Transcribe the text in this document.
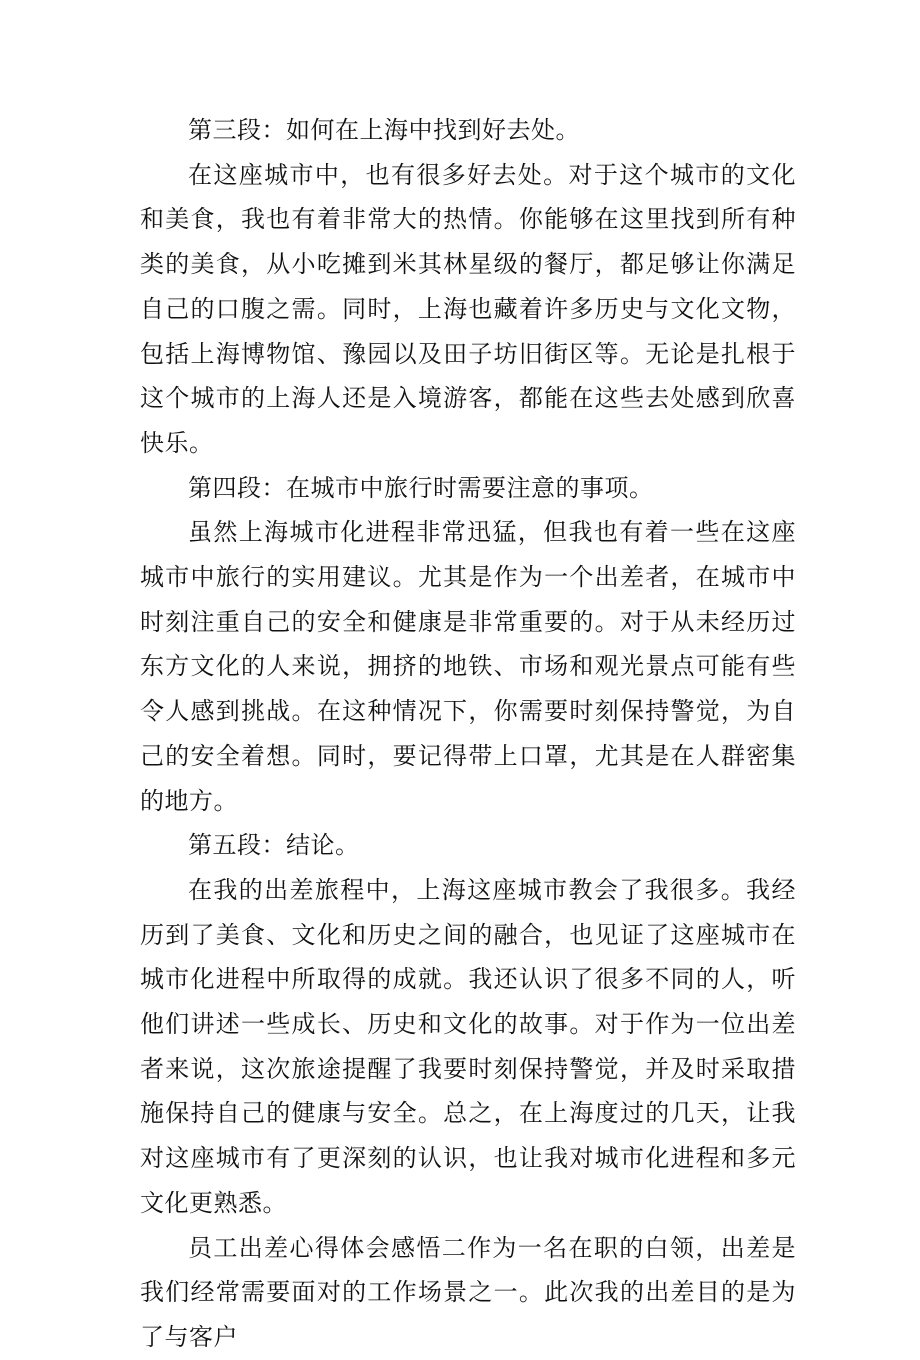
第三段：如何在上海中找到好去处。

在这座城市中，也有很多好去处。对于这个城市的文化和美食，我也有着非常大的热情。你能够在这里找到所有种类的美食，从小吃摊到米其林星级的餐厅，都足够让你满足自己的口腹之需。同时，上海也藏着许多历史与文化文物，包括上海博物馆、豫园以及田子坊旧街区等。无论是扎根于这个城市的上海人还是入境游客，都能在这些去处感到欣喜快乐。

第四段：在城市中旅行时需要注意的事项。

虽然上海城市化进程非常迅猛，但我也有着一些在这座城市中旅行的实用建议。尤其是作为一个出差者，在城市中时刻注重自己的安全和健康是非常重要的。对于从未经历过东方文化的人来说，拥挤的地铁、市场和观光景点可能有些令人感到挑战。在这种情况下，你需要时刻保持警觉，为自己的安全着想。同时，要记得带上口罩，尤其是在人群密集的地方。

第五段：结论。

在我的出差旅程中，上海这座城市教会了我很多。我经历到了美食、文化和历史之间的融合，也见证了这座城市在城市化进程中所取得的成就。我还认识了很多不同的人，听他们讲述一些成长、历史和文化的故事。对于作为一位出差者来说，这次旅途提醒了我要时刻保持警觉，并及时采取措施保持自己的健康与安全。总之，在上海度过的几天，让我对这座城市有了更深刻的认识，也让我对城市化进程和多元文化更熟悉。

员工出差心得体会感悟二作为一名在职的白领，出差是我们经常需要面对的工作场景之一。此次我的出差目的是为了与客户
